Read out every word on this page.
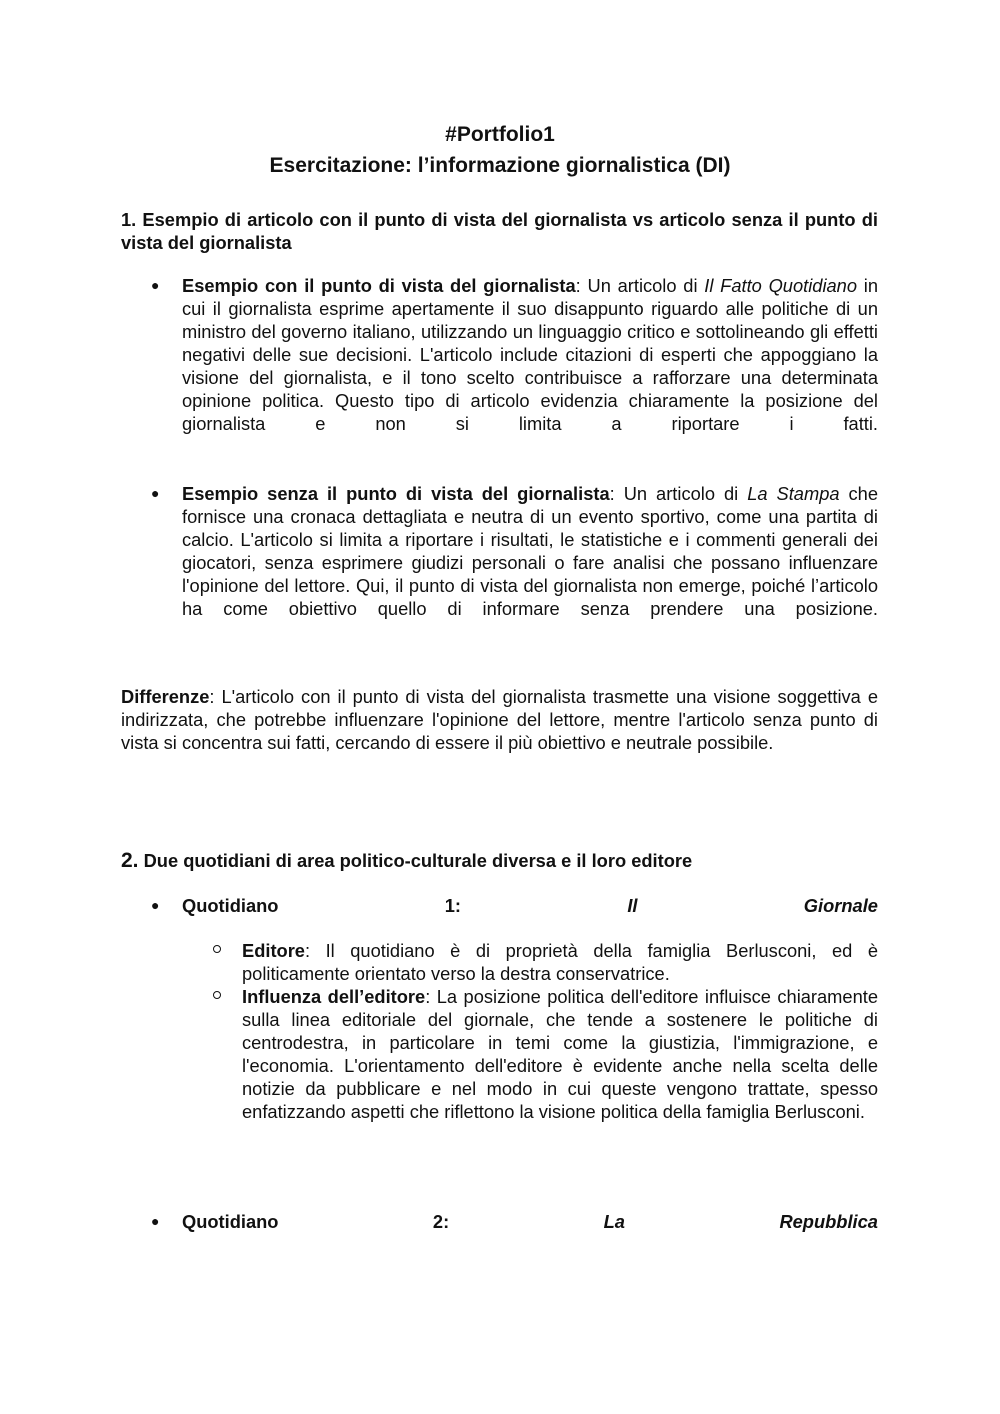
#Portfolio1
Esercitazione: l’informazione giornalistica (DI)
1. Esempio di articolo con il punto di vista del giornalista vs articolo senza il punto di vista del giornalista
● Esempio con il punto di vista del giornalista: Un articolo di Il Fatto Quotidiano in cui il giornalista esprime apertamente il suo disappunto riguardo alle politiche di un ministro del governo italiano, utilizzando un linguaggio critico e sottolineando gli effetti negativi delle sue decisioni. L'articolo include citazioni di esperti che appoggiano la visione del giornalista, e il tono scelto contribuisce a rafforzare una determinata opinione politica. Questo tipo di articolo evidenzia chiaramente la posizione del giornalista e non si limita a riportare i fatti.
● Esempio senza il punto di vista del giornalista: Un articolo di La Stampa che fornisce una cronaca dettagliata e neutra di un evento sportivo, come una partita di calcio. L'articolo si limita a riportare i risultati, le statistiche e i commenti generali dei giocatori, senza esprimere giudizi personali o fare analisi che possano influenzare l'opinione del lettore. Qui, il punto di vista del giornalista non emerge, poiché l’articolo ha come obiettivo quello di informare senza prendere una posizione.
Differenze: L'articolo con il punto di vista del giornalista trasmette una visione soggettiva e indirizzata, che potrebbe influenzare l'opinione del lettore, mentre l'articolo senza punto di vista si concentra sui fatti, cercando di essere il più obiettivo e neutrale possibile.
2. Due quotidiani di area politico-culturale diversa e il loro editore
● Quotidiano	1:	Il	Giornale
Editore: Il quotidiano è di proprietà della famiglia Berlusconi, ed è politicamente orientato verso la destra conservatrice.
Influenza dell’editore: La posizione politica dell'editore influisce chiaramente sulla linea editoriale del giornale, che tende a sostenere le politiche di centrodestra, in particolare in temi come la giustizia, l'immigrazione, e l'economia. L'orientamento dell'editore è evidente anche nella scelta delle notizie da pubblicare e nel modo in cui queste vengono trattate, spesso enfatizzando aspetti che riflettono la visione politica della famiglia Berlusconi.
● Quotidiano	2:	La	Repubblica
